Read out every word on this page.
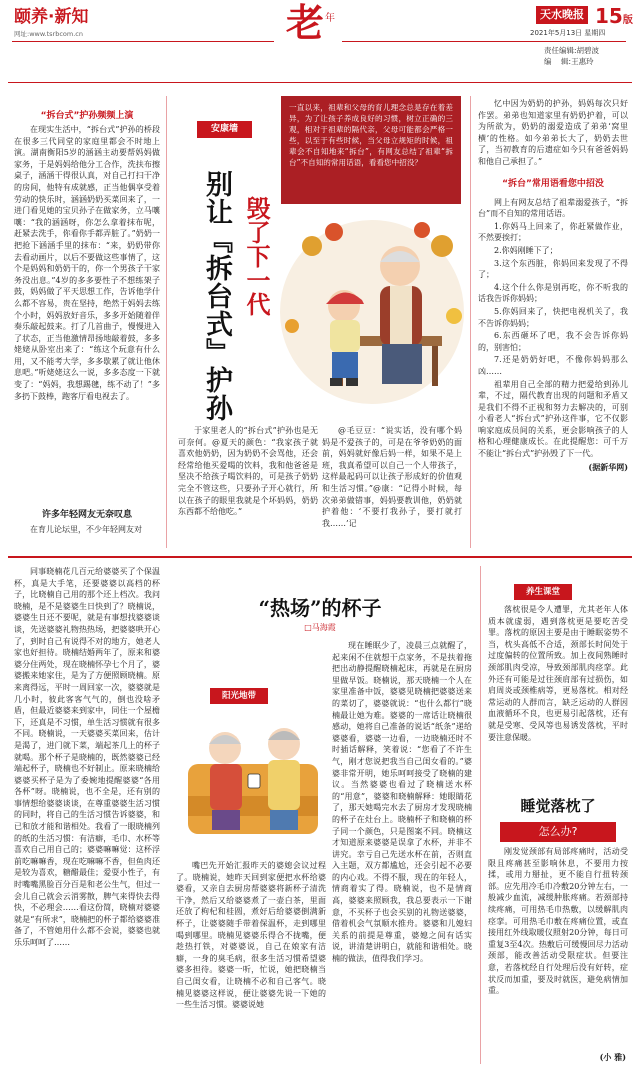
颐养·新知
网址:www.tsrbcom.cn	老 年	天水晚报 15版
2021年5月13日 星期四
责任编辑:胡碧波
编    辑:王惠玲
“拆台式”护孙频频上演

在现实生活中，“拆台式”护孙的桥段在很多三代同堂的家庭里都会不时地上演。湖南衡阳5岁的涵涵主动要帮妈妈做家务，于是妈妈给他分工合作，洗扶布擦桌子，涵涵干得很认真，对自己打扫干净的房间，他特有成就感，正当他偶享受着劳动的快乐时，涵涵奶奶买菜回来了，一进门看见她的宝贝孙子在做家务，立马嚷嚷：“我的涵涵呀，你怎么拿着抹布呢，赶紧去洗手，你看你手都弄脏了。”奶奶一把抢下涵涵手里的抹布：“来，奶奶带你去看动画片，以后不要做这些事情了，这个是妈妈和奶奶干的，你一个男孩子干家务没出息。”4岁的多多要性子不想练架子鼓，妈妈做了平天思想工作，告诉他学什么都不容易，贵在坚持，绝然于妈妈去练个小时，妈妈放好音乐，多多开始随着伴奏乐敲起鼓来。打了几首曲子，慢慢进入了状态，正当他激情昂扬地敲着鼓，多多姥姥从卧室出来了：“练这个玩意有什么用，又不能考大学，多多歇累了就让他休息吧。”听姥姥这么一说，多多态度一下就变了：“妈妈，我想踢毽，练不动了！”多多扔下鼓棒，跑客厅看电视去了。

许多年轻网友无奈叹息

在育儿论坛里，不少年轻网友对

安康墙
一直以来，祖辈和父母的育儿理念总是存在着差异，为了让孩子养成良好的习惯，树立正确的三观，相对于祖辈的隔代亲，父母可能都会严格一些，以至于有些时候，当父母立规矩的时候，祖辈会不自知地来“拆台”，有网友总结了祖辈“拆台”不自知的常用话语，看看您中招没？
别让『拆台式』护孙 毁了下一代

于家里老人的“拆台式”护孙也是无可奈何。@夏天的颜色：“我家孩子就喜欢他奶奶，因为奶奶不会骂他，还会经常给他买爱喝的饮料，我和他爸爸是坚决不给孩子喝饮料的，可是孩子奶奶完全不管这些，只要孙子开心就行，所以在孩子的眼里我就是个坏妈妈，奶奶东西都不给他吃。”

@毛豆豆：“说实话，没有哪个妈妈是不爱孩子的，可是在爷爷奶奶的面前，妈妈就好像后妈一样，如果不是上班，我真希望可以自己一个人带孩子，这样最起码可以让孩子形成好的价值观和生活习惯。”@康：“记得小时候，每次弟弟做错事，妈妈要教训他，奶奶就护着他：‘不要打我孙子，要打就打我……’记

忆中因为奶奶的护孙，妈妈每次只好作罢。弟弟也知道家里有奶奶护着，可以为所欲为，奶奶的溺爱造成了弟弟‘窝里横’的性格。如今弟弟长大了，奶奶去世了，当初教育的后遗症如今只有爸爸妈妈和他自己承担了。”

“拆台”常用语看您中招没

网上有网友总结了祖辈溺爱孩子，“拆台”而不自知的常用话语。

1.你妈马上回来了，你赶紧做作业，不然要挨打；

2.你妈刚睡下了；

3.这个东西脏，你妈回来发现了不得了；

4.这个什么你是别再吃，你不听我的话我告诉你妈妈；

5.你妈回来了，快把电视机关了，我不告诉你妈妈；

6.东西砸坏了吧，我不会告诉你妈的，别害怕；

7.还是奶奶好吧，不像你妈妈那么凶……

祖辈用自己全部的精力把爱给到孙儿辈，不过，隔代教育出现的问题和矛盾又是我们不得不正视和努力去解决的，可别小看老人“拆台式”护孙这件事，它不仅影响家庭成员间的关系，更会影响孩子的人格和心理健康成长。在此提醒您：可千万不能让“拆台式”护孙毁了下一代。

(据新华网)
“热场”的杯子
□马海霞

同事晓楠花几百元给婆婆买了个保温杯，真是大手笔，还要婆婆以高档的杯子，比晓楠自己用的那个还上档次。我问晓楠，是不是婆婆生日快到了？晓楠说，婆婆生日还不要呢，就是有事想找婆婆谈谈，先送婆婆礼物热热场，把婆婆哄开心了，到时自己有说得不对的地方，她老人家也好担待。晓楠结婚两年了，原来和婆婆分住两处，现在晓楠怀孕七个月了，婆婆搬来她家住，是为了方便照顾晓楠。原来离得远，平时一周回家一次，婆婆就是几小时，彼此客客气气的，倒也没啥矛盾，但最近婆婆来到家中，同住一个屋檐下，还真是不习惯，单生活习惯就有很多不同。晓楠说，一天婆婆买菜回来，估计是渴了，进门就下菜，端起茶几上的杯子就喝。那个杯子是晓楠的，既然婆婆已经端起杯子，晓楠也不好制止。原来晓楠给婆婆买杯子是为了委婉地提醒婆婆“各用各杯”呀。晓楠说，也不全是，还有别的事情想给婆婆谈谈，在尊重婆婆生活习惯的同时，将自己的生活习惯告诉婆婆，和已和放才能和谐相处。我看了一眼晓楠列的纸的生活习惯：有洁癖，毛巾、水杯等喜欢自己用自己的；婆婆嘛嘛觉：这杯浮前吃嘛嘛香，现在吃嘛嘛不香，但鱼肉还是较为喜欢，糖醋最佳；爱耍小性子，有时嘴嘴黑脸百分百是和老公生气，但过一会儿自己就会云消雾散，脾气来得快去得快，不必理会……看这份简，晓楠对婆婆就是“有所求”，晓楠把的杯子都给婆婆准备了，不管她用什么都不会说，婆婆也就乐乐呵呵了……

阳光地带

嘴巴先开始汇报昨天的婆媳会议过程了。晓楠说，她昨天回到家便把水杯给婆婆看，又亲自去厨房帮婆婆将新杯子清洗干净，然后又给婆婆煮了一壶白茶，里面还放了枸杞和桂圆，煮好后给婆婆倒满新杯子，让婆婆随手带着保温杯，走到哪里喝到哪里。晓楠见婆婆乐得合不拢嘴，便趁热打铁，对婆婆说，自己在娘家有洁癖，一身的臭毛病，很多生活习惯希望婆婆多担待。婆婆一听，忙说，她把晓楠当自己闺女看，让晓楠不必和自己客气。晓楠见婆婆这样说，便让婆婆先说一下她的一些生活习惯。婆婆说她

现在睡眠少了，凌晨三点就醒了，起来闲不住就想干点家务，不是扶着拖把出动静提醒晓楠起床，再就是在厨房里做早饭。晓楠说，那天晓楠一个人在家里准备中饭，婆婆见晓楠把婆婆送来的菜切了，婆婆就说：“也什么都行”晓楠最让她为难。婆婆的一席话让晓楠很感动，她将自己准备的说话“纸条”递给婆婆看，婆婆一边看，一边晓楠还时不时插话解释，笑着说：“您看了不许生气，刚才您说把我当自己闺女看的。”婆婆非常开明，她乐呵呵接受了晓楠的建议。当然婆婆也看过了晓楠送水杯的“用意”，婆婆和晓楠解释：她眼睛花了，那天她喝完水去了厨房才发现晓楠的杯子在灶台上。晓楠杯子和晓楠的杯子同一个颜色，只是图案不同。晓楠这才知道原来婆婆是误拿了水杯，并非不讲究。幸亏自己先送水杯在前，否则直入主题，双方都尴尬，还会引起不必要的内心戏。不得不服，现在的年轻人，情商着实了得。晓楠说，也不是情商高，婆婆来照顾我，我总要表示一下谢意，不买杯子也会买别的礼物送婆婆，借着机会气氛顺水推舟。婆婆和儿媳妇关系的前提是尊重，婆媳之间有话实说，讲清楚讲明白，就能和谐相处。晓楠的做法，值得我们学习。

养生课堂

落枕很是令人遭罪，尤其老年人体质本就虚弱，遇到落枕更是要吃苦受罪。落枕的原因主要是由于睡眠姿势不当，枕头高低不合适，颈部长时间处于过度偏转的位置所致。加上夜间熟睡时颈部肌肉受凉，导致颈部肌肉痉挛。此外还有可能是过往颈肩部有过损伤，如肩周炎或颈椎病等，更易落枕。相对经常运动的人群而言，缺乏运动的人群因血液循环不良，也更易引起落枕，还有就是受寒、受风等也易诱发落枕，平时要注意保暖。

睡觉落枕了
怎么办?

刚发觉颈部有局部疼痛时，活动受限且疼痛甚至影响休息，不要用力按揉，或用力掰扯，更不能自行扭转颈部。应先用冷毛巾冷敷20分钟左右，一般减少血流，减缓肿胀疼痛。若颈部持续疼痛，可用热毛巾热敷，以缓解肌肉痉挛。可用热毛巾敷在疼痛位置，或直接用红外线取暖仪照射20分钟，每日可重复3至4次。热敷后可缓慢回尽力活动颈部，能改善活动受限症状。但要注意，若落枕经自行处理后没有好转，症状反而加重，要及时就医，避免病情加重。

(小 雅)
